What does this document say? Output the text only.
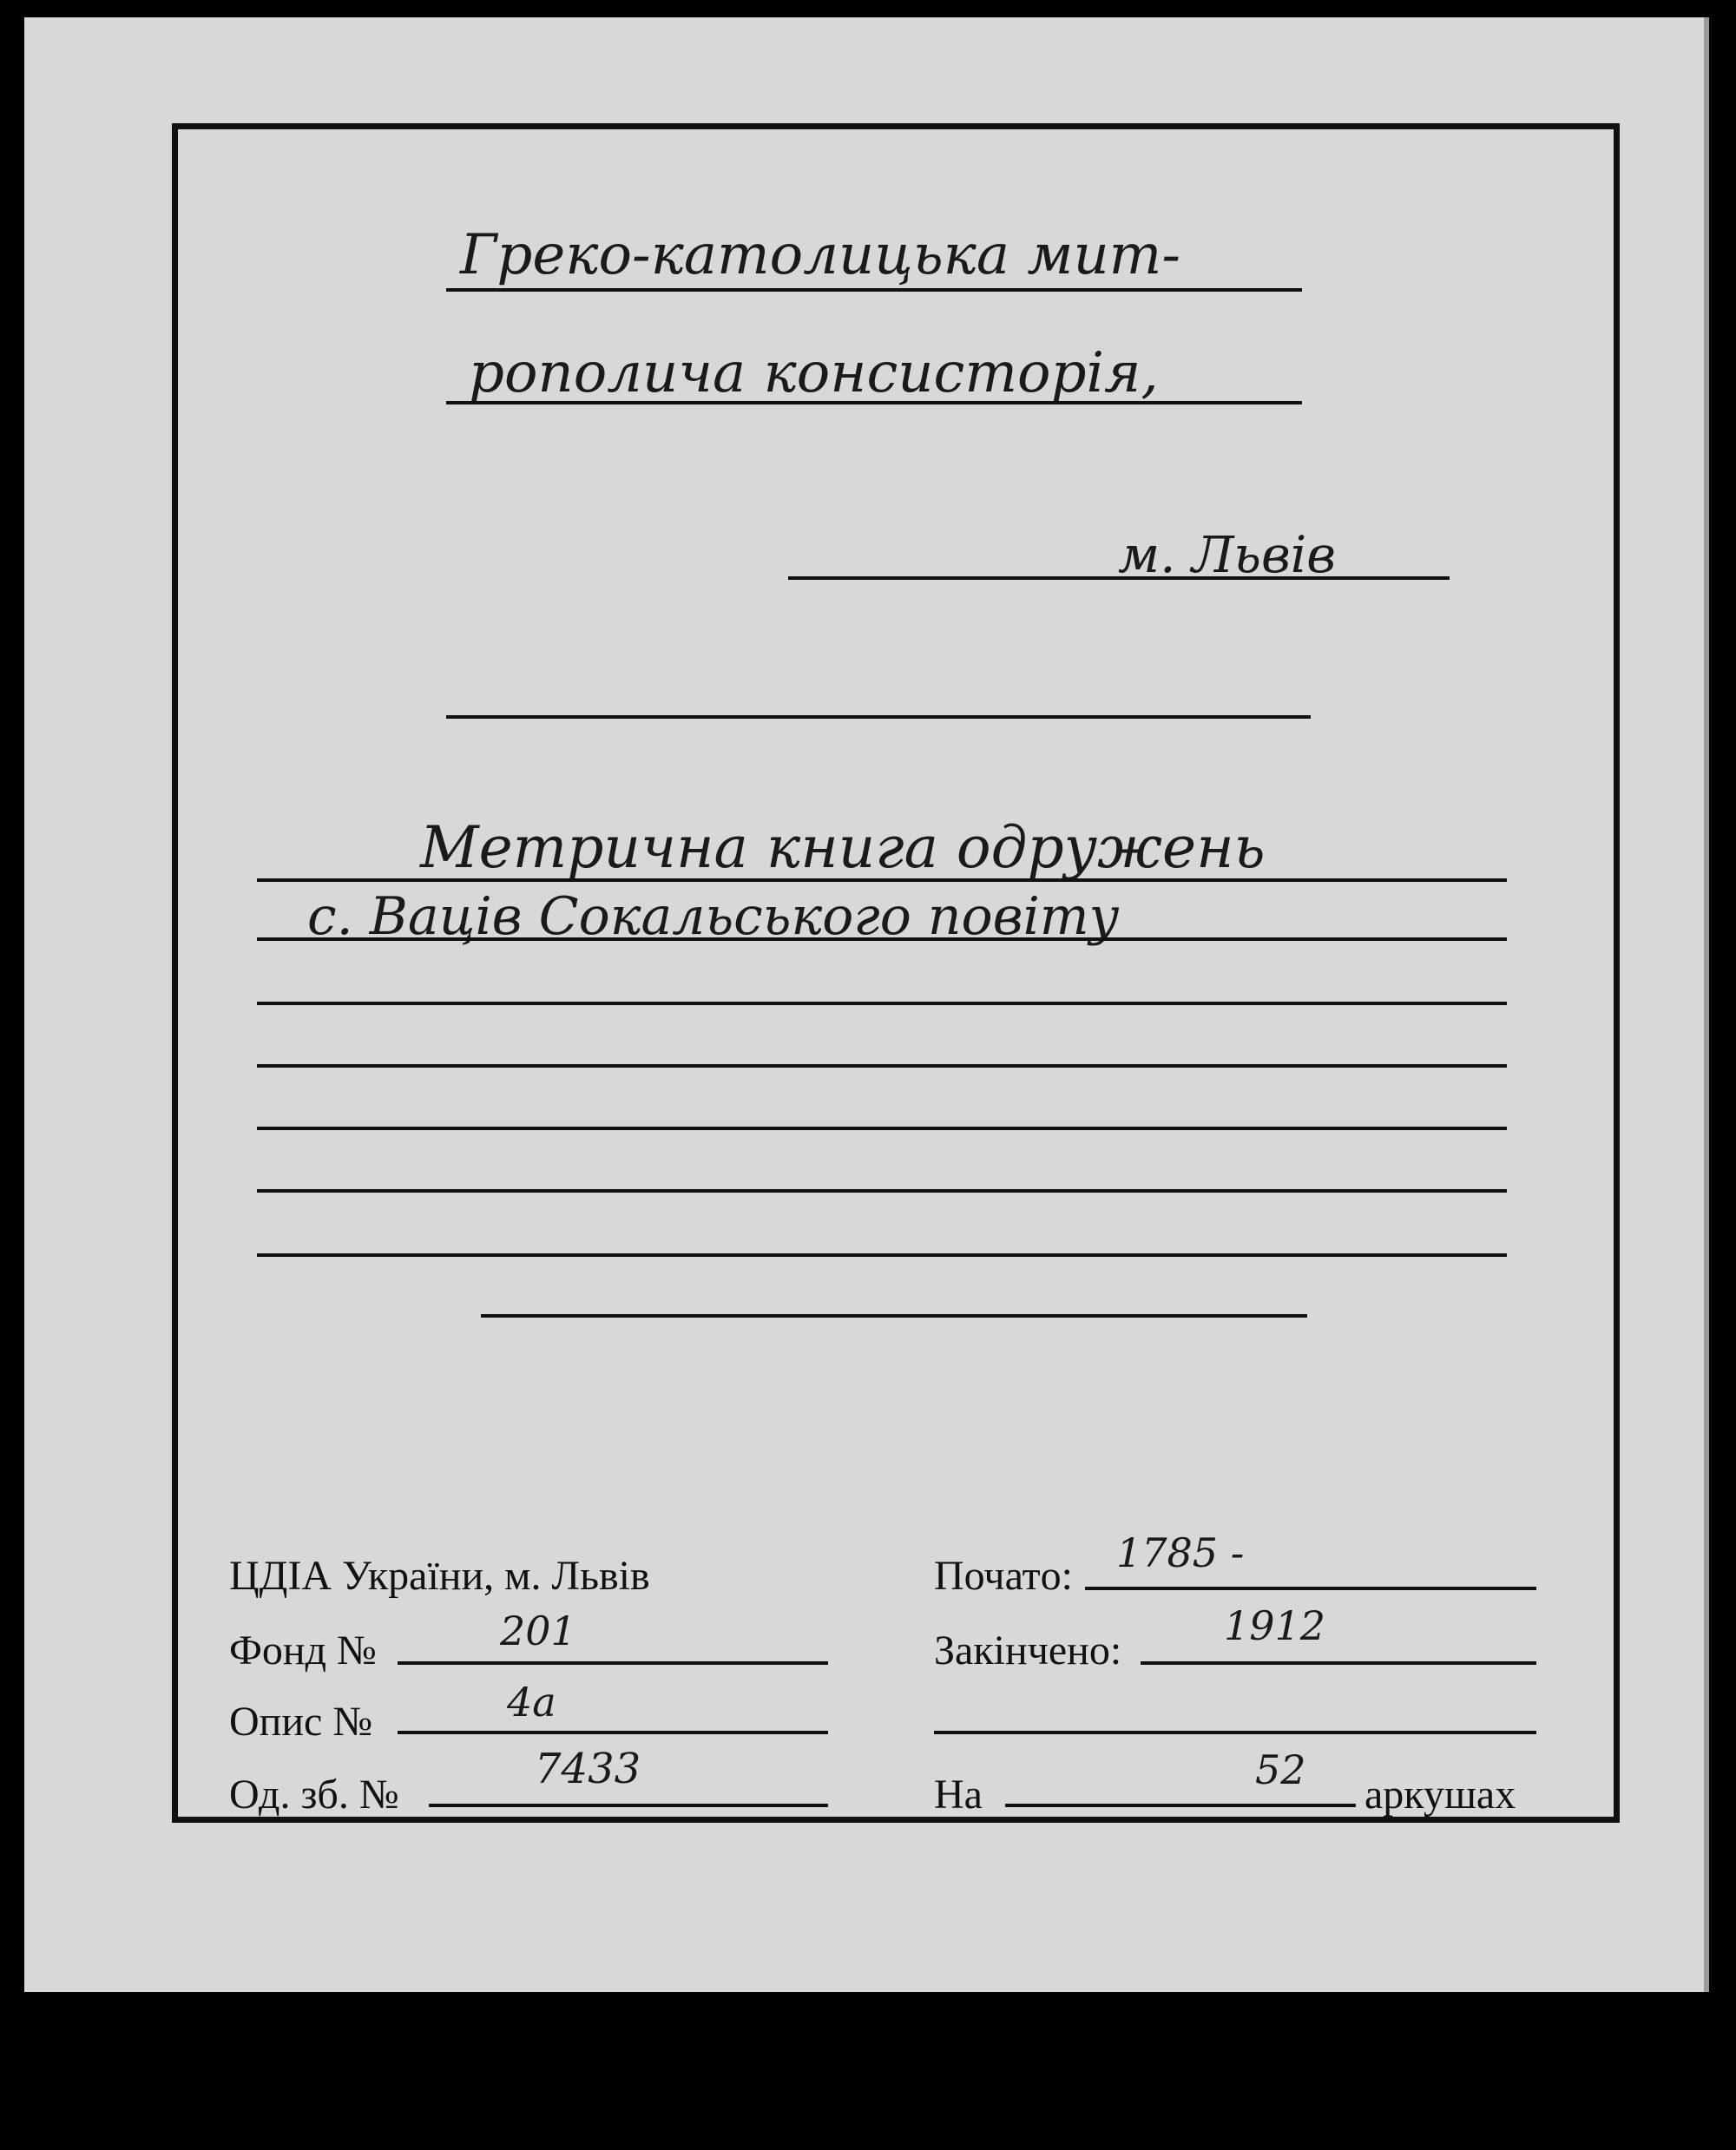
Греко-католицька мит-
рополича консисторія,
м. Львів
Метрична книга одружень
с. Ваців Сокальського повіту
ЦДІА України, м. Львів
Фонд №	201
Опис №	4а
Од. зб. №
7433
Початo: 1785 -
Закінчено:
1912
На
52
аркушах
